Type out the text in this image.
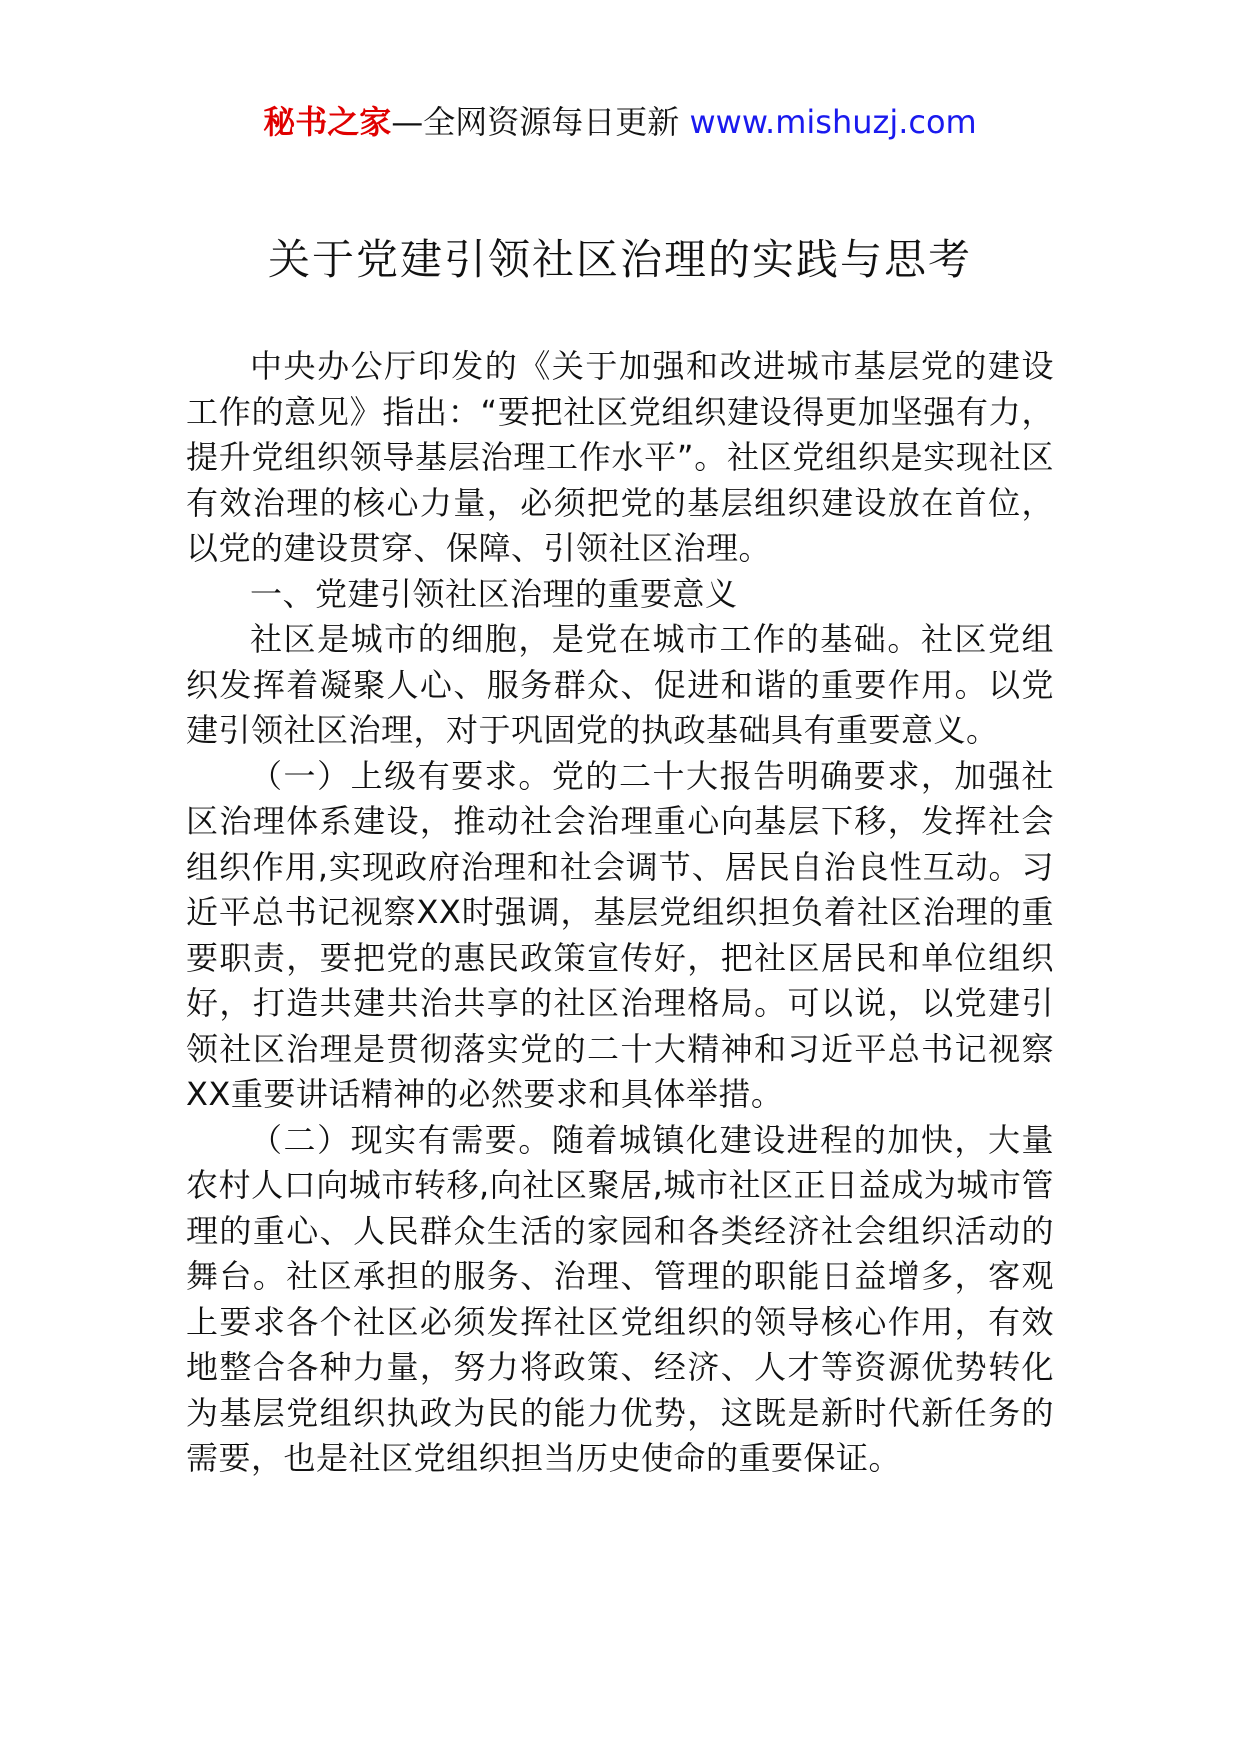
秘书之家—全网资源每日更新 www.mishuzj.com
关于党建引领社区治理的实践与思考

中央办公厅印发的《关于加强和改进城市基层党的建设工作的意见》指出：“要把社区党组织建设得更加坚强有力，提升党组织领导基层治理工作水平”。社区党组织是实现社区有效治理的核心力量，必须把党的基层组织建设放在首位，以党的建设贯穿、保障、引领社区治理。

一、党建引领社区治理的重要意义

社区是城市的细胞，是党在城市工作的基础。社区党组织发挥着凝聚人心、服务群众、促进和谐的重要作用。以党建引领社区治理，对于巩固党的执政基础具有重要意义。

（一）上级有要求。党的二十大报告明确要求，加强社区治理体系建设，推动社会治理重心向基层下移，发挥社会组织作用,实现政府治理和社会调节、居民自治良性互动。习近平总书记视察XX时强调，基层党组织担负着社区治理的重要职责，要把党的惠民政策宣传好，把社区居民和单位组织好，打造共建共治共享的社区治理格局。可以说，以党建引领社区治理是贯彻落实党的二十大精神和习近平总书记视察XX重要讲话精神的必然要求和具体举措。

（二）现实有需要。随着城镇化建设进程的加快，大量农村人口向城市转移,向社区聚居,城市社区正日益成为城市管理的重心、人民群众生活的家园和各类经济社会组织活动的舞台。社区承担的服务、治理、管理的职能日益增多，客观上要求各个社区必须发挥社区党组织的领导核心作用，有效地整合各种力量，努力将政策、经济、人才等资源优势转化为基层党组织执政为民的能力优势，这既是新时代新任务的需要，也是社区党组织担当历史使命的重要保证。
